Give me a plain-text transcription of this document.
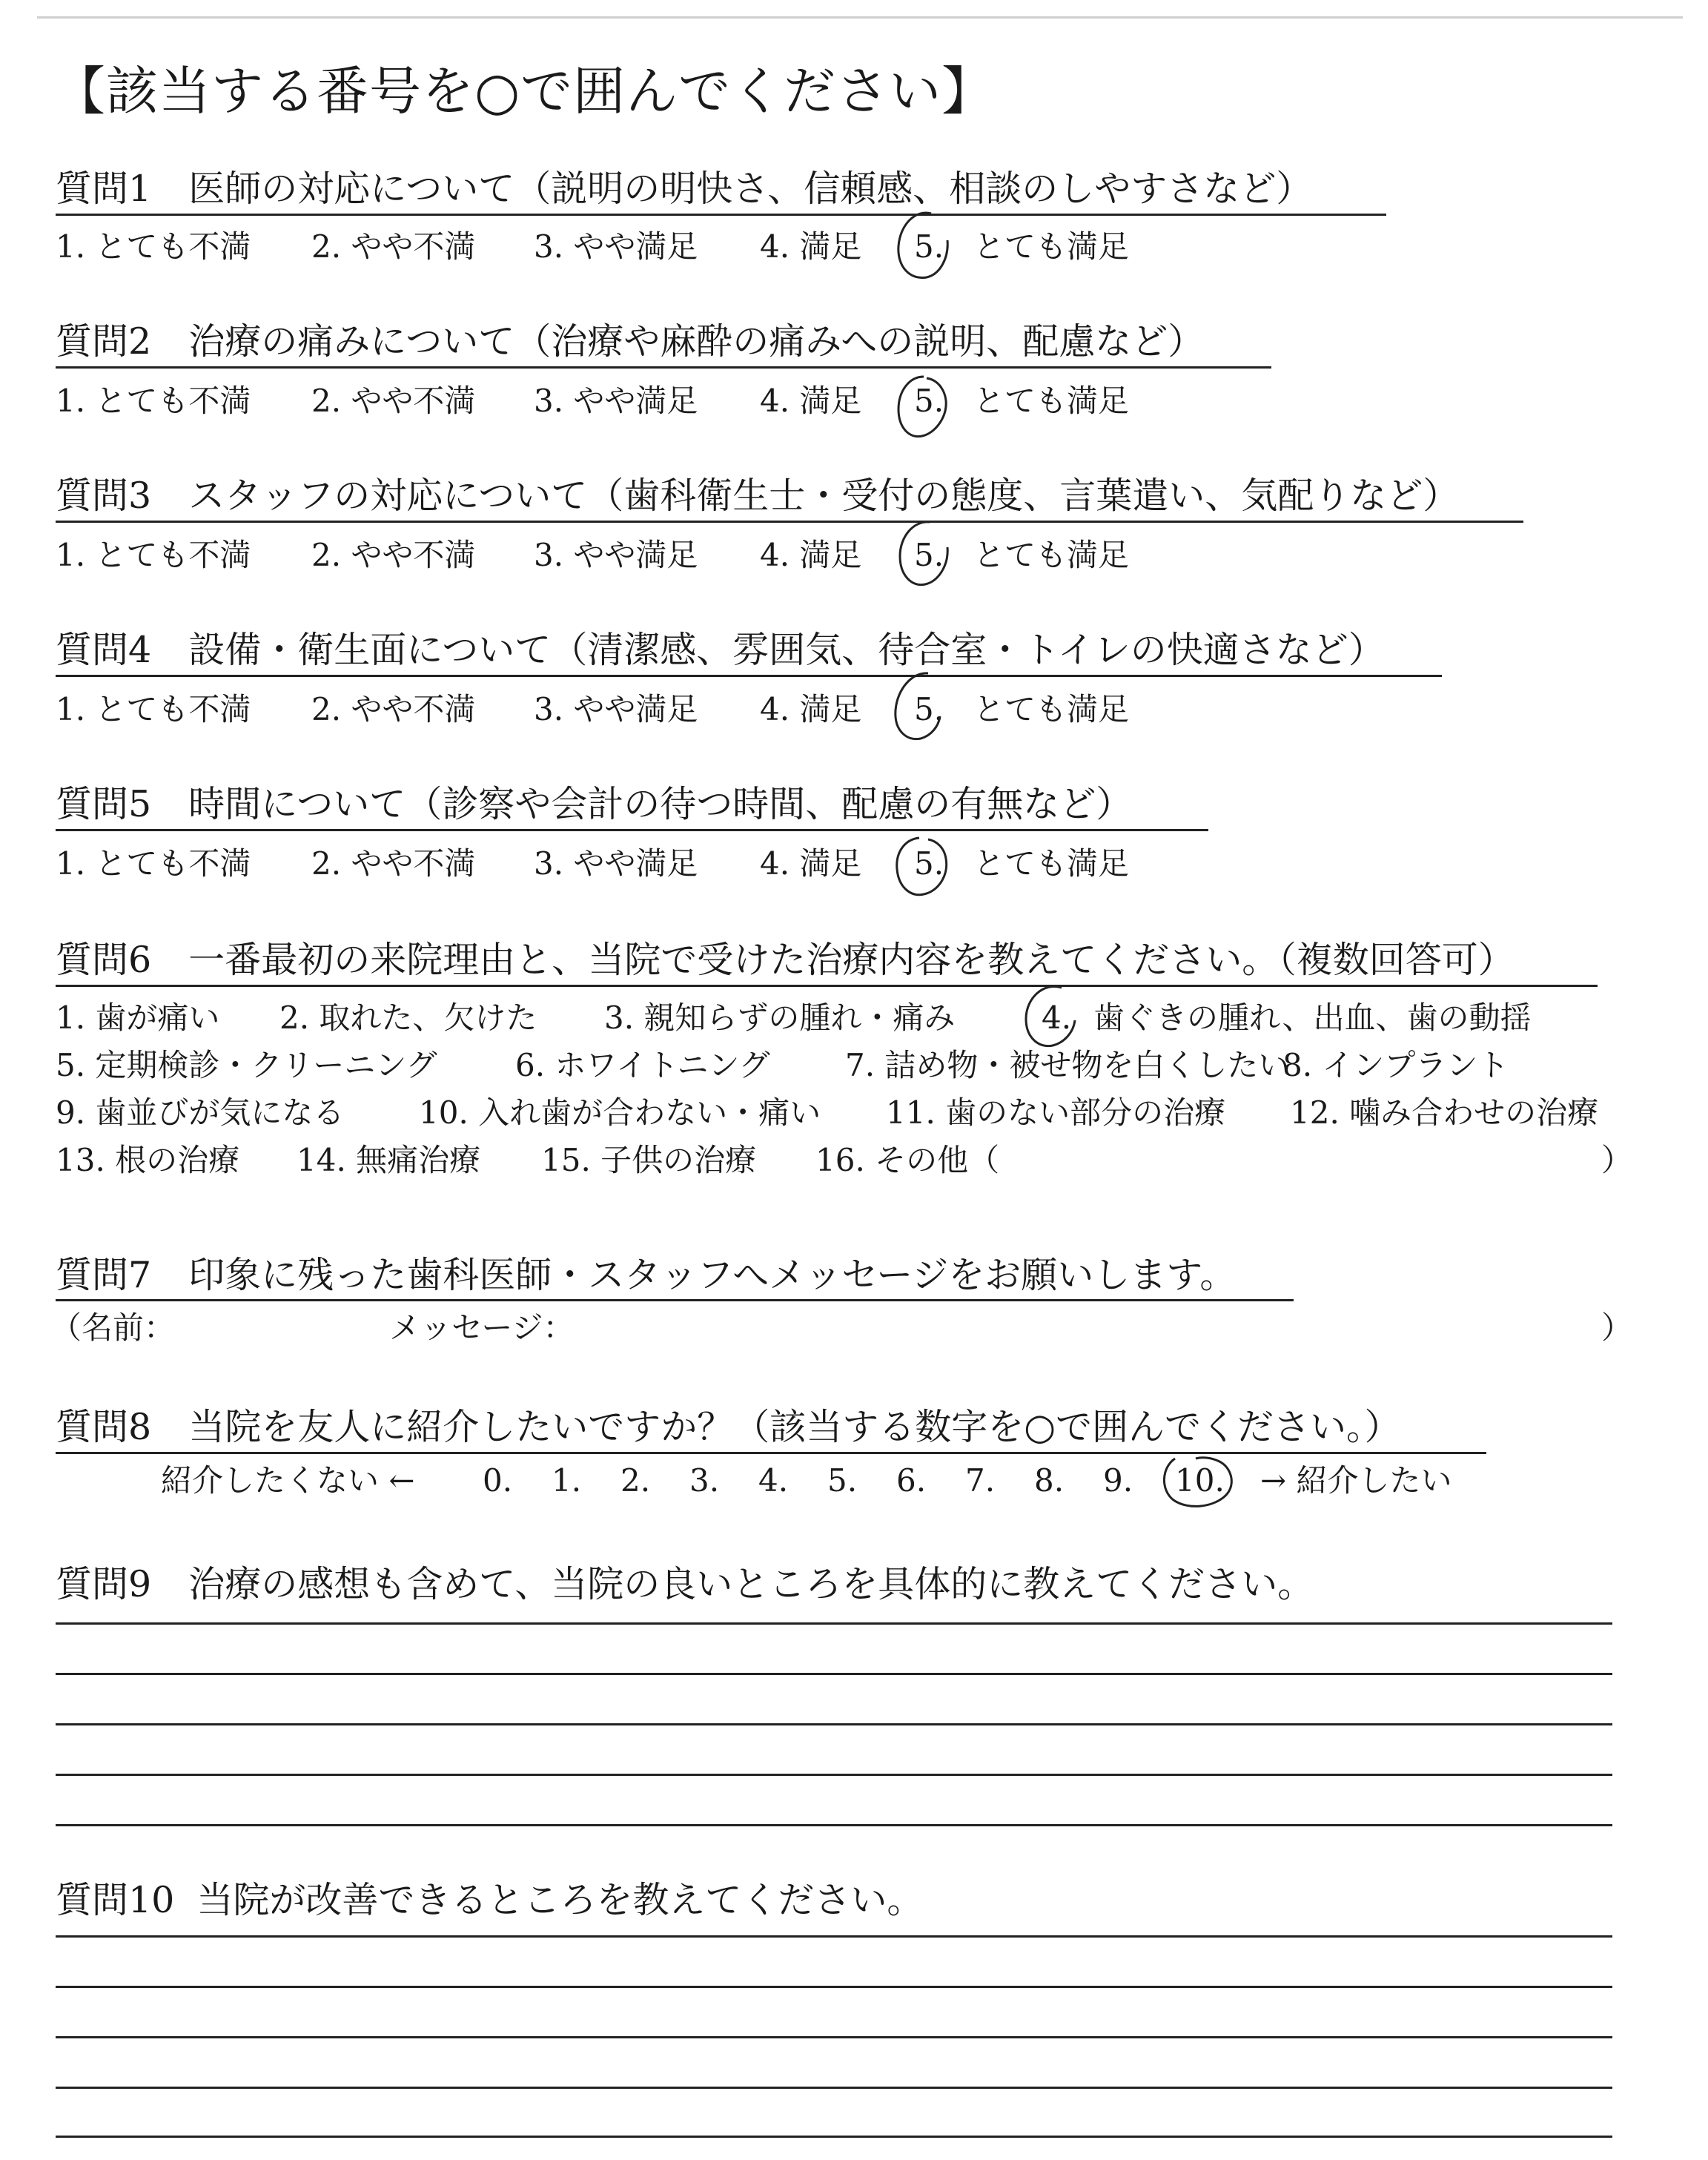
【該当する番号を○で囲んでください】
質問1 医師の対応について（説明の明快さ、信頼感、相談のしやすさなど）
1. とても不満 2. やや不満 3. やや満足 4. 満足 5. とても満足
質問2 治療の痛みについて（治療や麻酔の痛みへの説明、配慮など）
1. とても不満 2. やや不満 3. やや満足 4. 満足 5. とても満足
質問3 スタッフの対応について（歯科衛生士・受付の態度、言葉遣い、気配りなど）
1. とても不満 2. やや不満 3. やや満足 4. 満足 5. とても満足
質問4 設備・衛生面について（清潔感、雰囲気、待合室・トイレの快適さなど）
1. とても不満 2. やや不満 3. やや満足 4. 満足 5. とても満足
質問5 時間について（診察や会計の待つ時間、配慮の有無など）
1. とても不満 2. やや不満 3. やや満足 4. 満足 5. とても満足
質問6 一番最初の来院理由と、当院で受けた治療内容を教えてください。（複数回答可）
1. 歯が痛い 2. 取れた、欠けた 3. 親知らずの腫れ・痛み	4. 歯ぐきの腫れ、出血、歯の動揺
5. 定期検診・クリーニング	6. ホワイトニング 7. 詰め物・被せ物を白くしたい
8. インプラント
9. 歯並びが気になる 10. 入れ歯が合わない・痛い 11. 歯のない部分の治療 12. 噛み合わせの治療
13. 根の治療 14. 無痛治療 15. 子供の治療 16. その他（	）
質問7 印象に残った歯科医師・スタッフへメッセージをお願いします。
（名前：	メッセージ：	）
質問8 当院を友人に紹介したいですか？（該当する数字を○で囲んでください。）
紹介したくない ← 0. 1. 2. 3. 4. 5. 6. 7. 8. 9. 10. → 紹介したい
質問9 治療の感想も含めて、当院の良いところを具体的に教えてください。
質問10 当院が改善できるところを教えてください。
